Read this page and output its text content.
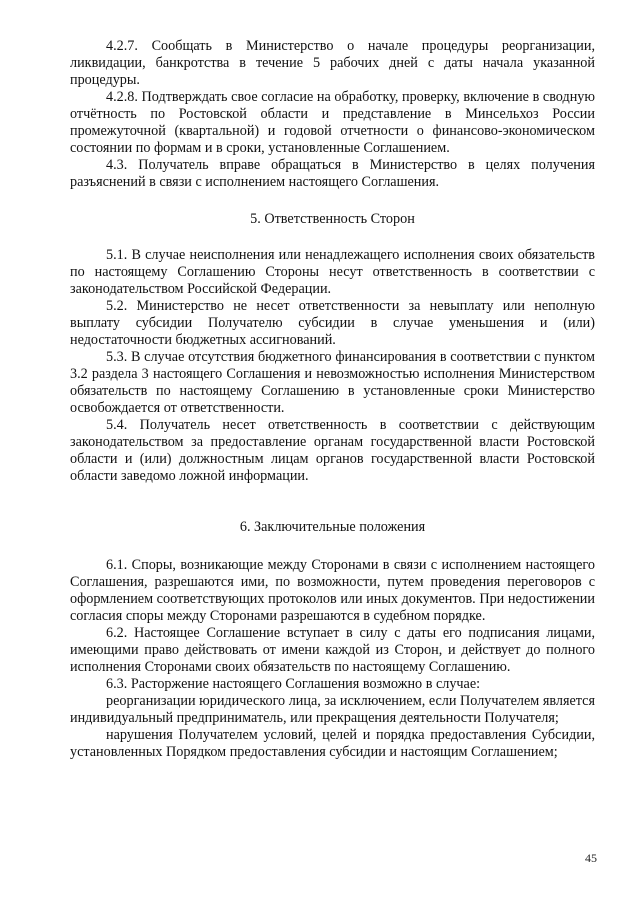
4.2.7. Сообщать в Министерство о начале процедуры реорганизации, ликвидации, банкротства в течение 5 рабочих дней с даты начала указанной процедуры.

4.2.8. Подтверждать свое согласие на обработку, проверку, включение в сводную отчётность по Ростовской области и представление в Минсельхоз России промежуточной (квартальной) и годовой отчетности о финансово-экономическом состоянии по формам и в сроки, установленные Соглашением.

4.3. Получатель вправе обращаться в Министерство в целях получения разъяснений в связи с исполнением настоящего Соглашения.

5. Ответственность Сторон

5.1. В случае неисполнения или ненадлежащего исполнения своих обязательств по настоящему Соглашению Стороны несут ответственность в соответствии с законодательством Российской Федерации.

5.2. Министерство не несет ответственности за невыплату или неполную выплату субсидии Получателю субсидии в случае уменьшения и (или) недостаточности бюджетных ассигнований.

5.3. В случае отсутствия бюджетного финансирования в соответствии с пунктом 3.2 раздела 3 настоящего Соглашения и невозможностью исполнения Министерством обязательств по настоящему Соглашению в установленные сроки Министерство освобождается от ответственности.

5.4. Получатель несет ответственность в соответствии с действующим законодательством за предоставление органам государственной власти Ростовской области и (или) должностным лицам органов государственной власти Ростовской области заведомо ложной информации.

6. Заключительные положения

6.1. Споры, возникающие между Сторонами в связи с исполнением настоящего Соглашения, разрешаются ими, по возможности, путем проведения переговоров с оформлением соответствующих протоколов или иных документов. При недостижении согласия споры между Сторонами разрешаются в судебном порядке.

6.2. Настоящее Соглашение вступает в силу с даты его подписания лицами, имеющими право действовать от имени каждой из Сторон, и действует до полного исполнения Сторонами своих обязательств по настоящему Соглашению.

6.3. Расторжение настоящего Соглашения возможно в случае:

реорганизации юридического лица, за исключением, если Получателем является индивидуальный предприниматель, или прекращения деятельности Получателя;

нарушения Получателем условий, целей и порядка предоставления Субсидии, установленных Порядком предоставления субсидии и настоящим Соглашением;

45
